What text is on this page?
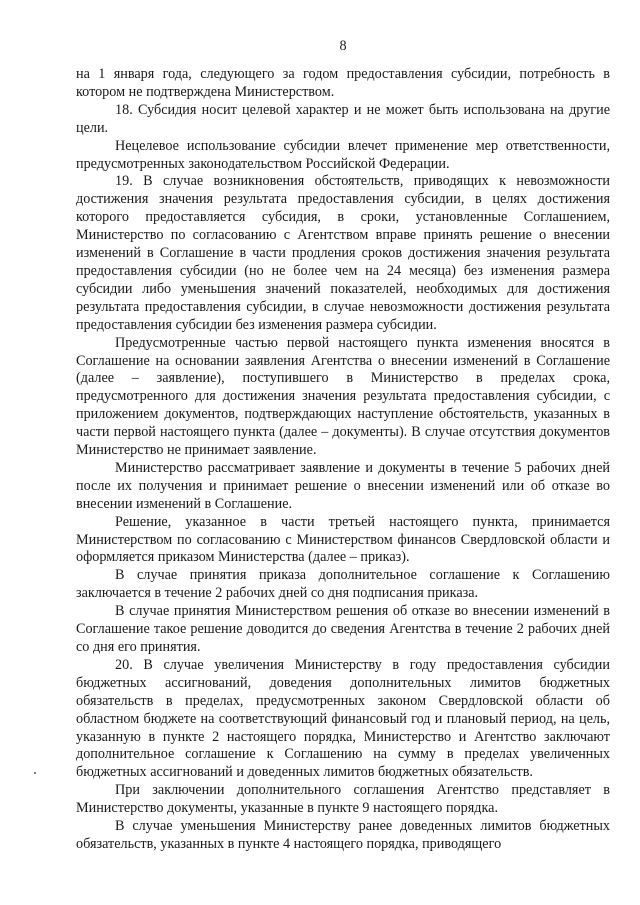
8

на 1 января года, следующего за годом предоставления субсидии, потребность в котором не подтверждена Министерством.

18. Субсидия носит целевой характер и не может быть использована на другие цели.

Нецелевое использование субсидии влечет применение мер ответственности, предусмотренных законодательством Российской Федерации.

19. В случае возникновения обстоятельств, приводящих к невозможности достижения значения результата предоставления субсидии, в целях достижения которого предоставляется субсидия, в сроки, установленные Соглашением, Министерство по согласованию с Агентством вправе принять решение о внесении изменений в Соглашение в части продления сроков достижения значения результата предоставления субсидии (но не более чем на 24 месяца) без изменения размера субсидии либо уменьшения значений показателей, необходимых для достижения результата предоставления субсидии, в случае невозможности достижения результата предоставления субсидии без изменения размера субсидии.

Предусмотренные частью первой настоящего пункта изменения вносятся в Соглашение на основании заявления Агентства о внесении изменений в Соглашение (далее – заявление), поступившего в Министерство в пределах срока, предусмотренного для достижения значения результата предоставления субсидии, с приложением документов, подтверждающих наступление обстоятельств, указанных в части первой настоящего пункта (далее – документы). В случае отсутствия документов Министерство не принимает заявление.

Министерство рассматривает заявление и документы в течение 5 рабочих дней после их получения и принимает решение о внесении изменений или об отказе во внесении изменений в Соглашение.

Решение, указанное в части третьей настоящего пункта, принимается Министерством по согласованию с Министерством финансов Свердловской области и оформляется приказом Министерства (далее – приказ).

В случае принятия приказа дополнительное соглашение к Соглашению заключается в течение 2 рабочих дней со дня подписания приказа.

В случае принятия Министерством решения об отказе во внесении изменений в Соглашение такое решение доводится до сведения Агентства в течение 2 рабочих дней со дня его принятия.

20. В случае увеличения Министерству в году предоставления субсидии бюджетных ассигнований, доведения дополнительных лимитов бюджетных обязательств в пределах, предусмотренных законом Свердловской области об областном бюджете на соответствующий финансовый год и плановый период, на цель, указанную в пункте 2 настоящего порядка, Министерство и Агентство заключают дополнительное соглашение к Соглашению на сумму в пределах увеличенных бюджетных ассигнований и доведенных лимитов бюджетных обязательств.

При заключении дополнительного соглашения Агентство представляет в Министерство документы, указанные в пункте 9 настоящего порядка.

В случае уменьшения Министерству ранее доведенных лимитов бюджетных обязательств, указанных в пункте 4 настоящего порядка, приводящего
